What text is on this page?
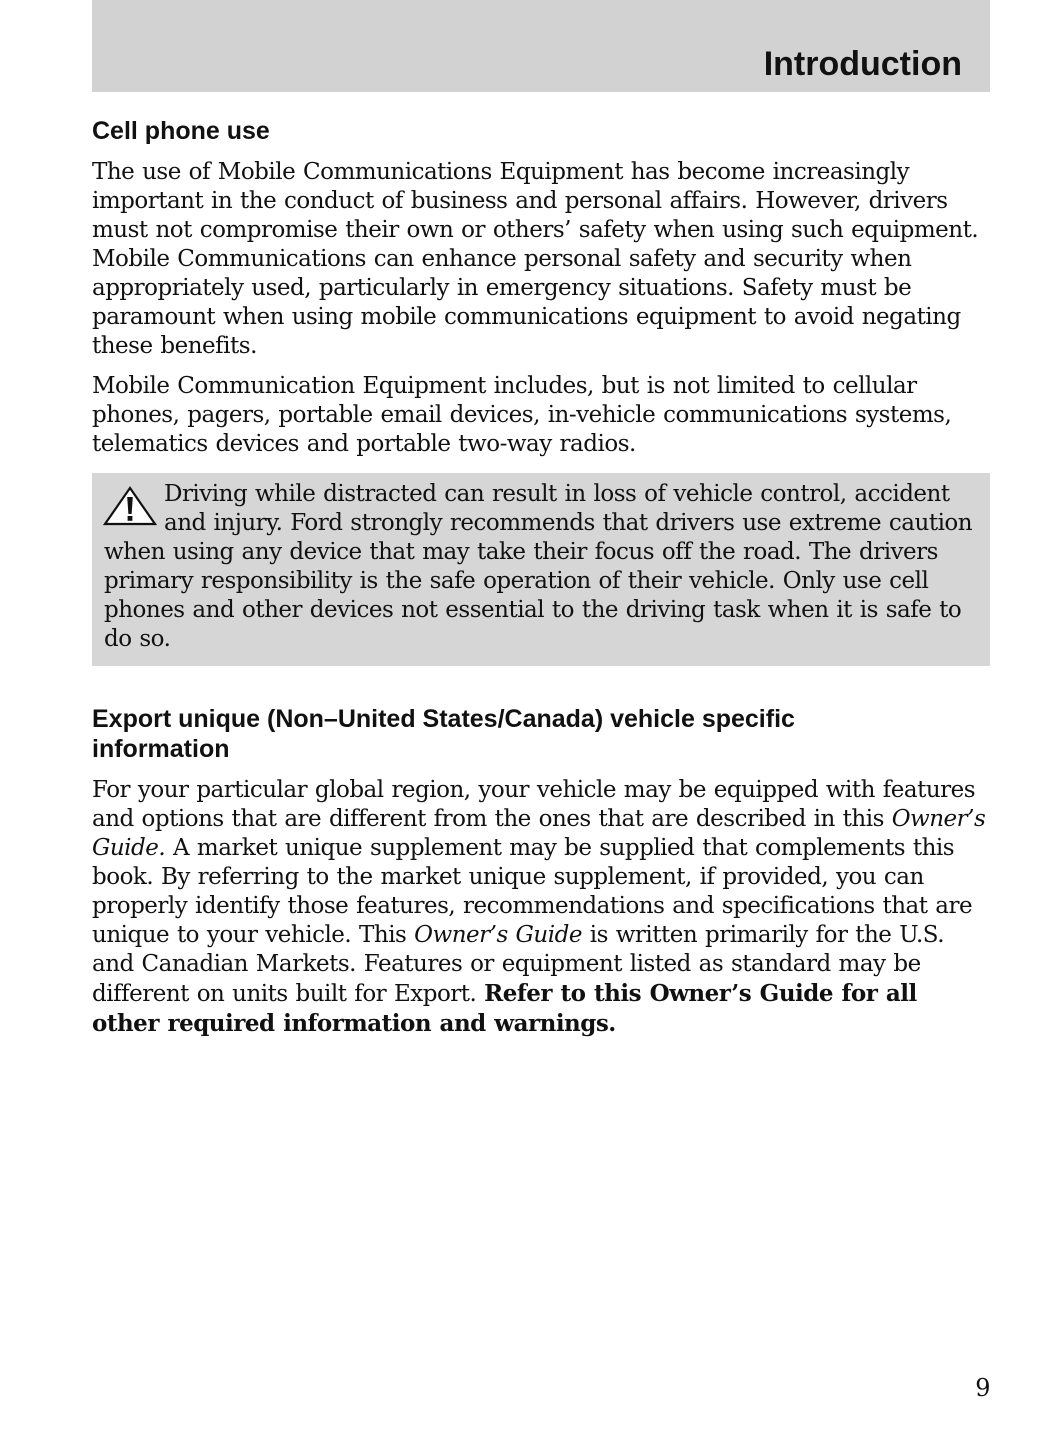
Introduction
Cell phone use

The use of Mobile Communications Equipment has become increasingly important in the conduct of business and personal affairs. However, drivers must not compromise their own or others’ safety when using such equipment. Mobile Communications can enhance personal safety and security when appropriately used, particularly in emergency situations. Safety must be paramount when using mobile communications equipment to avoid negating these benefits.

Mobile Communication Equipment includes, but is not limited to cellular phones, pagers, portable email devices, in-vehicle communications systems, telematics devices and portable two-way radios.

Driving while distracted can result in loss of vehicle control, accident and injury. Ford strongly recommends that drivers use extreme caution when using any device that may take their focus off the road. The drivers primary responsibility is the safe operation of their vehicle. Only use cell phones and other devices not essential to the driving task when it is safe to do so.

Export unique (Non–United States/Canada) vehicle specific information

For your particular global region, your vehicle may be equipped with features and options that are different from the ones that are described in this Owner’s Guide. A market unique supplement may be supplied that complements this book. By referring to the market unique supplement, if provided, you can properly identify those features, recommendations and specifications that are unique to your vehicle. This Owner’s Guide is written primarily for the U.S. and Canadian Markets. Features or equipment listed as standard may be different on units built for Export. Refer to this Owner’s Guide for all other required information and warnings.

9
